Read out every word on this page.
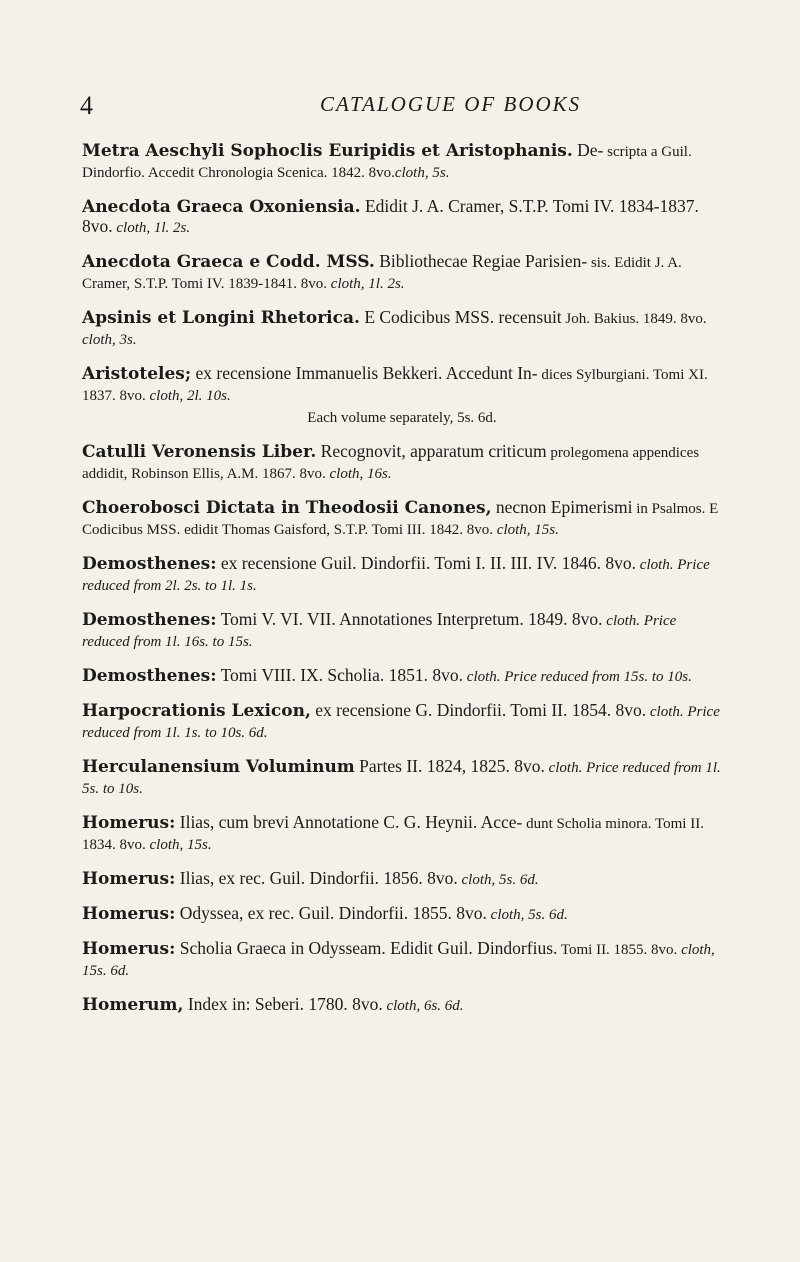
4	CATALOGUE OF BOOKS
Metra Aeschyli Sophoclis Euripidis et Aristophanis. De- scripta a Guil. Dindorfio. Accedit Chronologia Scenica. 1842. 8vo.cloth, 5s.
Anecdota Graeca Oxoniensia. Edidit J. A. Cramer, S.T.P. Tomi IV. 1834-1837. 8vo. cloth, 1l. 2s.
Anecdota Graeca e Codd. MSS. Bibliothecae Regiae Parisien- sis. Edidit J. A. Cramer, S.T.P. Tomi IV. 1839-1841. 8vo. cloth, 1l. 2s.
Apsinis et Longini Rhetorica. E Codicibus MSS. recensuit Joh. Bakius. 1849. 8vo. cloth, 3s.
Aristoteles; ex recensione Immanuelis Bekkeri. Accedunt In- dices Sylburgiani. Tomi XI. 1837. 8vo. cloth, 2l. 10s.
Each volume separately, 5s. 6d.
Catulli Veronensis Liber. Recognovit, apparatum criticum prolegomena appendices addidit, Robinson Ellis, A.M. 1867. 8vo. cloth, 16s.
Choerobosci Dictata in Theodosii Canones, necnon Epimerismi in Psalmos. E Codicibus MSS. edidit Thomas Gaisford, S.T.P. Tomi III. 1842. 8vo. cloth, 15s.
Demosthenes: ex recensione Guil. Dindorfii. Tomi I. II. III. IV. 1846. 8vo. cloth. Price reduced from 2l. 2s. to 1l. 1s.
Demosthenes: Tomi V. VI. VII. Annotationes Interpretum. 1849. 8vo. cloth. Price reduced from 1l. 16s. to 15s.
Demosthenes: Tomi VIII. IX. Scholia. 1851. 8vo. cloth. Price reduced from 15s. to 10s.
Harpocrationis Lexicon, ex recensione G. Dindorfii. Tomi II. 1854. 8vo. cloth. Price reduced from 1l. 1s. to 10s. 6d.
Herculanensium Voluminum Partes II. 1824, 1825. 8vo. cloth. Price reduced from 1l. 5s. to 10s.
Homerus: Ilias, cum brevi Annotatione C. G. Heynii. Acce- dunt Scholia minora. Tomi II. 1834. 8vo. cloth, 15s.
Homerus: Ilias, ex rec. Guil. Dindorfii. 1856. 8vo. cloth, 5s. 6d.
Homerus: Odyssea, ex rec. Guil. Dindorfii. 1855. 8vo. cloth, 5s. 6d.
Homerus: Scholia Graeca in Odysseam. Edidit Guil. Dindorfius. Tomi II. 1855. 8vo. cloth, 15s. 6d.
Homerum, Index in: Seberi. 1780. 8vo. cloth, 6s. 6d.
